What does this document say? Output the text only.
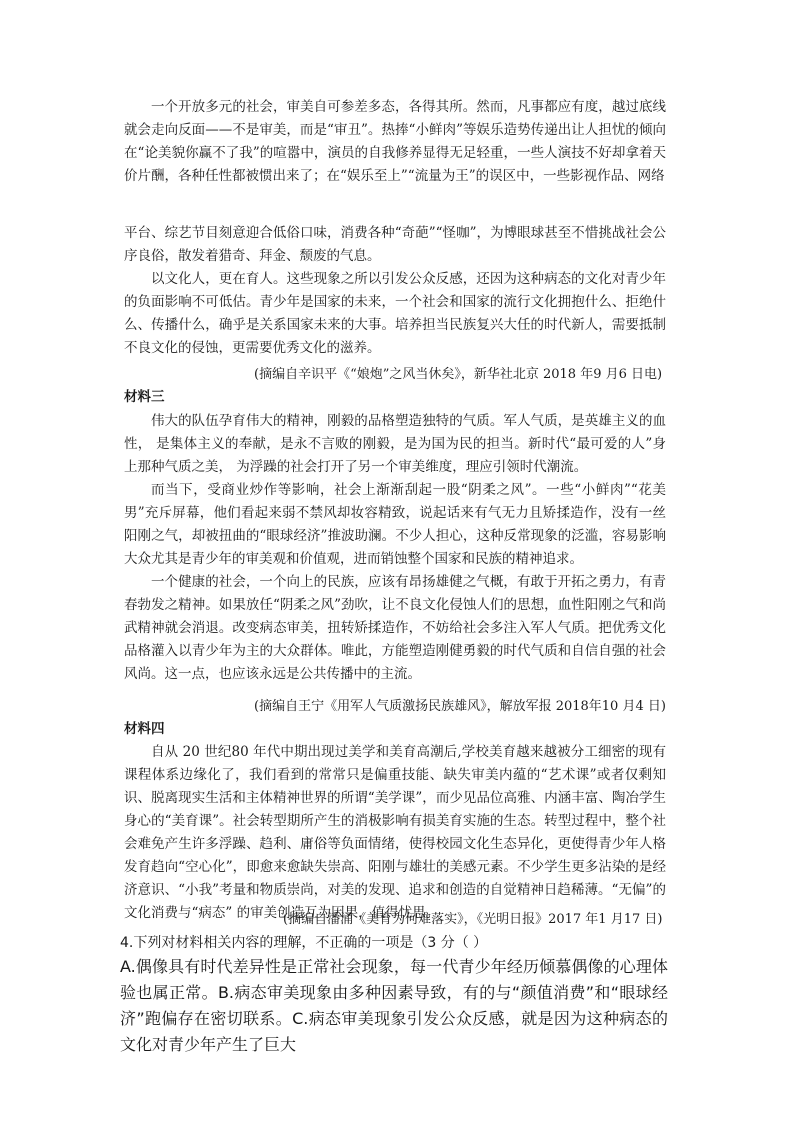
一个开放多元的社会，审美自可参差多态，各得其所。然而，凡事都应有度，越过底线就会走向反面——不是审美，而是“审丑”。热捧“小鲜肉”等娱乐造势传递出让人担忧的倾向在“论美貌你赢不了我”的喧嚣中，演员的自我修养显得无足轻重，一些人演技不好却拿着天价片酬，各种任性都被惯出来了；在“娱乐至上”“流量为王”的误区中，一些影视作品、网络

平台、综艺节目刻意迎合低俗口味，消费各种“奇葩”“怪咖”，为博眼球甚至不惜挑战社会公序良俗，散发着猎奇、拜金、颓废的气息。

以文化人，更在育人。这些现象之所以引发公众反感，还因为这种病态的文化对青少年的负面影响不可低估。青少年是国家的未来，一个社会和国家的流行文化拥抱什么、拒绝什么、传播什么，确乎是关系国家未来的大事。培养担当民族复兴大任的时代新人，需要抵制不良文化的侵蚀，更需要优秀文化的滋养。

(摘编自辛识平《“娘炮”之风当休矣》，新华社北京 2018 年9 月6 日电)
材料三

伟大的队伍孕育伟大的精神，刚毅的品格塑造独特的气质。军人气质，是英雄主义的血性， 是集体主义的奉献，是永不言败的刚毅，是为国为民的担当。新时代“最可爱的人”身上那种气质之美， 为浮躁的社会打开了另一个审美维度，理应引领时代潮流。

而当下，受商业炒作等影响，社会上渐渐刮起一股“阴柔之风”。一些“小鲜肉”“花美男”充斥屏幕，他们看起来弱不禁风却妆容精致，说起话来有气无力且矫揉造作，没有一丝阳刚之气，却被扭曲的“眼球经济”推波助澜。不少人担心，这种反常现象的泛滥，容易影响大众尤其是青少年的审美观和价值观，进而销蚀整个国家和民族的精神追求。

一个健康的社会，一个向上的民族，应该有昂扬雄健之气概，有敢于开拓之勇力，有青春勃发之精神。如果放任“阴柔之风”劲吹，让不良文化侵蚀人们的思想，血性阳刚之气和尚武精神就会消退。改变病态审美，扭转矫揉造作，不妨给社会多注入军人气质。把优秀文化品格灌入以青少年为主的大众群体。唯此，方能塑造刚健勇毅的时代气质和自信自强的社会风尚。这一点，也应该永远是公共传播中的主流。

(摘编自王宁《用军人气质激扬民族雄风》，解放军报 2018年10 月4 日)
材料四

自从 20 世纪80 年代中期出现过美学和美育高潮后,学校美育越来越被分工细密的现有 课程体系边缘化了，我们看到的常常只是偏重技能、缺失审美内蕴的“艺术课”或者仅剩知识、脱离现实生活和主体精神世界的所谓“美学课”，而少见品位高雅、内涵丰富、陶冶学生身心的“美育课”。社会转型期所产生的消极影响有损美育实施的生态。转型过程中，整个社会难免产生许多浮躁、趋利、庸俗等负面情绪，使得校园文化生态异化，更使得青少年人格发育趋向“空心化”，即愈来愈缺失崇高、阳刚与雄壮的美感元素。不少学生更多沾染的是经济意识、“小我”考量和物质崇尚，对美的发现、追求和创造的自觉精神日趋稀薄。“无偏”的文化消费与“病态” 的审美创造互为因果，值得忧思。

(摘编自潘涌《美育为何难落实》，《光明日报》2017 年1 月17 日)

4.下列对材料相关内容的理解，不正确的一项是（3 分（ ）

A.偶像具有时代差异性是正常社会现象，每一代青少年经历倾慕偶像的心理体验也属正常。B.病态审美现象由多种因素导致，有的与“颜值消费”和“眼球经济”跑偏存在密切联系。C.病态审美现象引发公众反感，就是因为这种病态的文化对青少年产生了巨大
